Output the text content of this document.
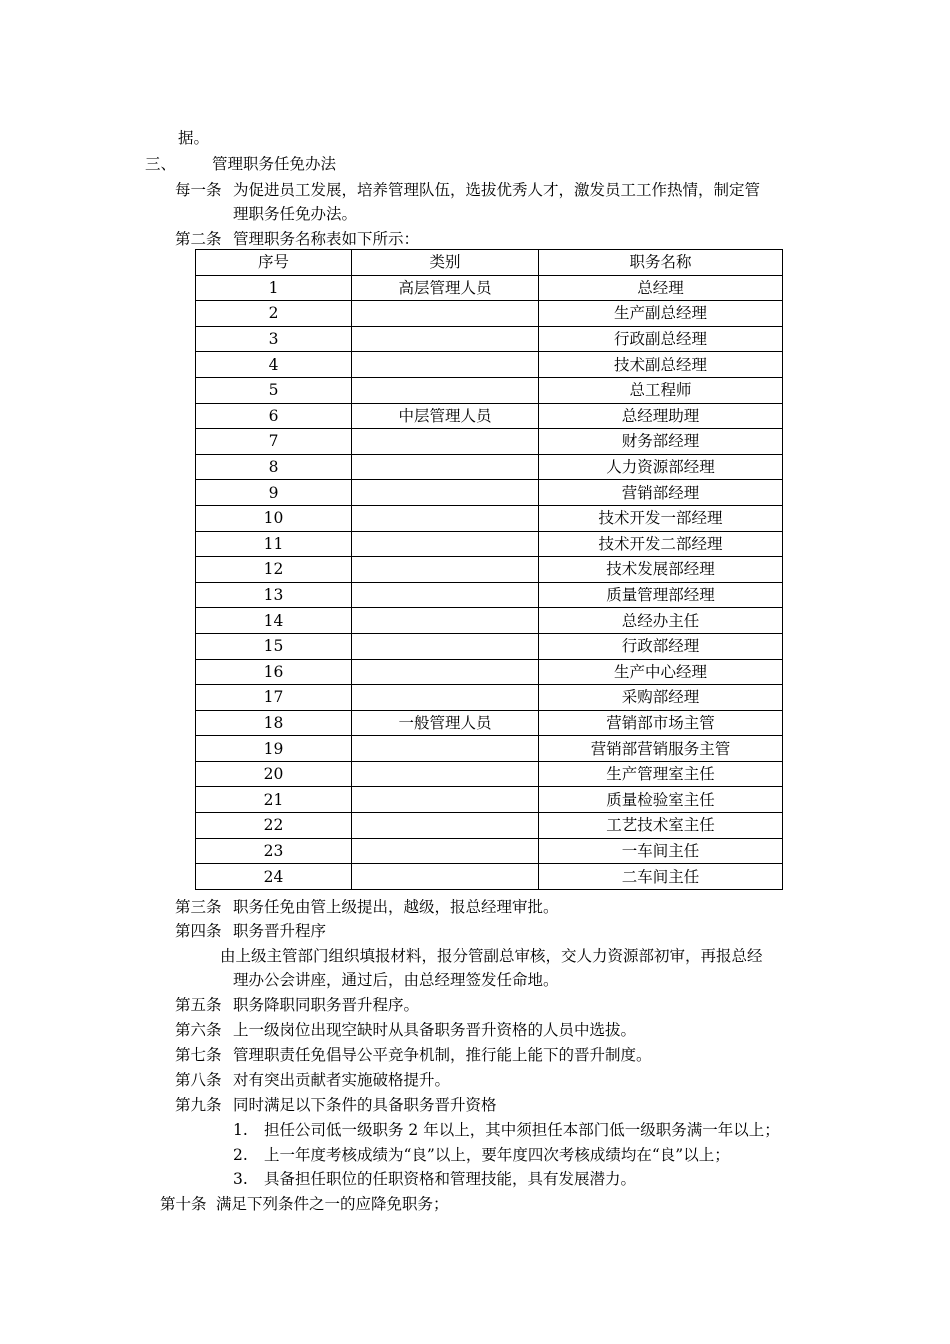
据。
三、 管理职务任免办法
每一条 为促进员工发展，培养管理队伍，选拔优秀人才，激发员工工作热情，制定管
理职务任免办法。
第二条 管理职务名称表如下所示：
序号	类别	职务名称
1	高层管理人员	总经理
2		生产副总经理
3		行政副总经理
4		技术副总经理
5		总工程师
6	中层管理人员	总经理助理
7		财务部经理
8		人力资源部经理
9		营销部经理
10		技术开发一部经理
11		技术开发二部经理
12		技术发展部经理
13		质量管理部经理
14		总经办主任
15		行政部经理
16		生产中心经理
17		采购部经理
18	一般管理人员	营销部市场主管
19		营销部营销服务主管
20		生产管理室主任
21		质量检验室主任
22		工艺技术室主任
23		一车间主任
24		二车间主任
第三条 职务任免由管上级提出，越级，报总经理审批。
第四条 职务晋升程序
由上级主管部门组织填报材料，报分管副总审核，交人力资源部初审，再报总经
理办公会讲座，通过后，由总经理签发任命地。
第五条 职务降职同职务晋升程序。
第六条 上一级岗位出现空缺时从具备职务晋升资格的人员中选拔。
第七条 管理职责任免倡导公平竞争机制，推行能上能下的晋升制度。
第八条 对有突出贡献者实施破格提升。
第九条 同时满足以下条件的具备职务晋升资格
1. 担任公司低一级职务 2 年以上，其中须担任本部门低一级职务满一年以上；
2. 上一年度考核成绩为“良”以上，要年度四次考核成绩均在“良”以上；
3. 具备担任职位的任职资格和管理技能，具有发展潜力。
第十条 满足下列条件之一的应降免职务；
